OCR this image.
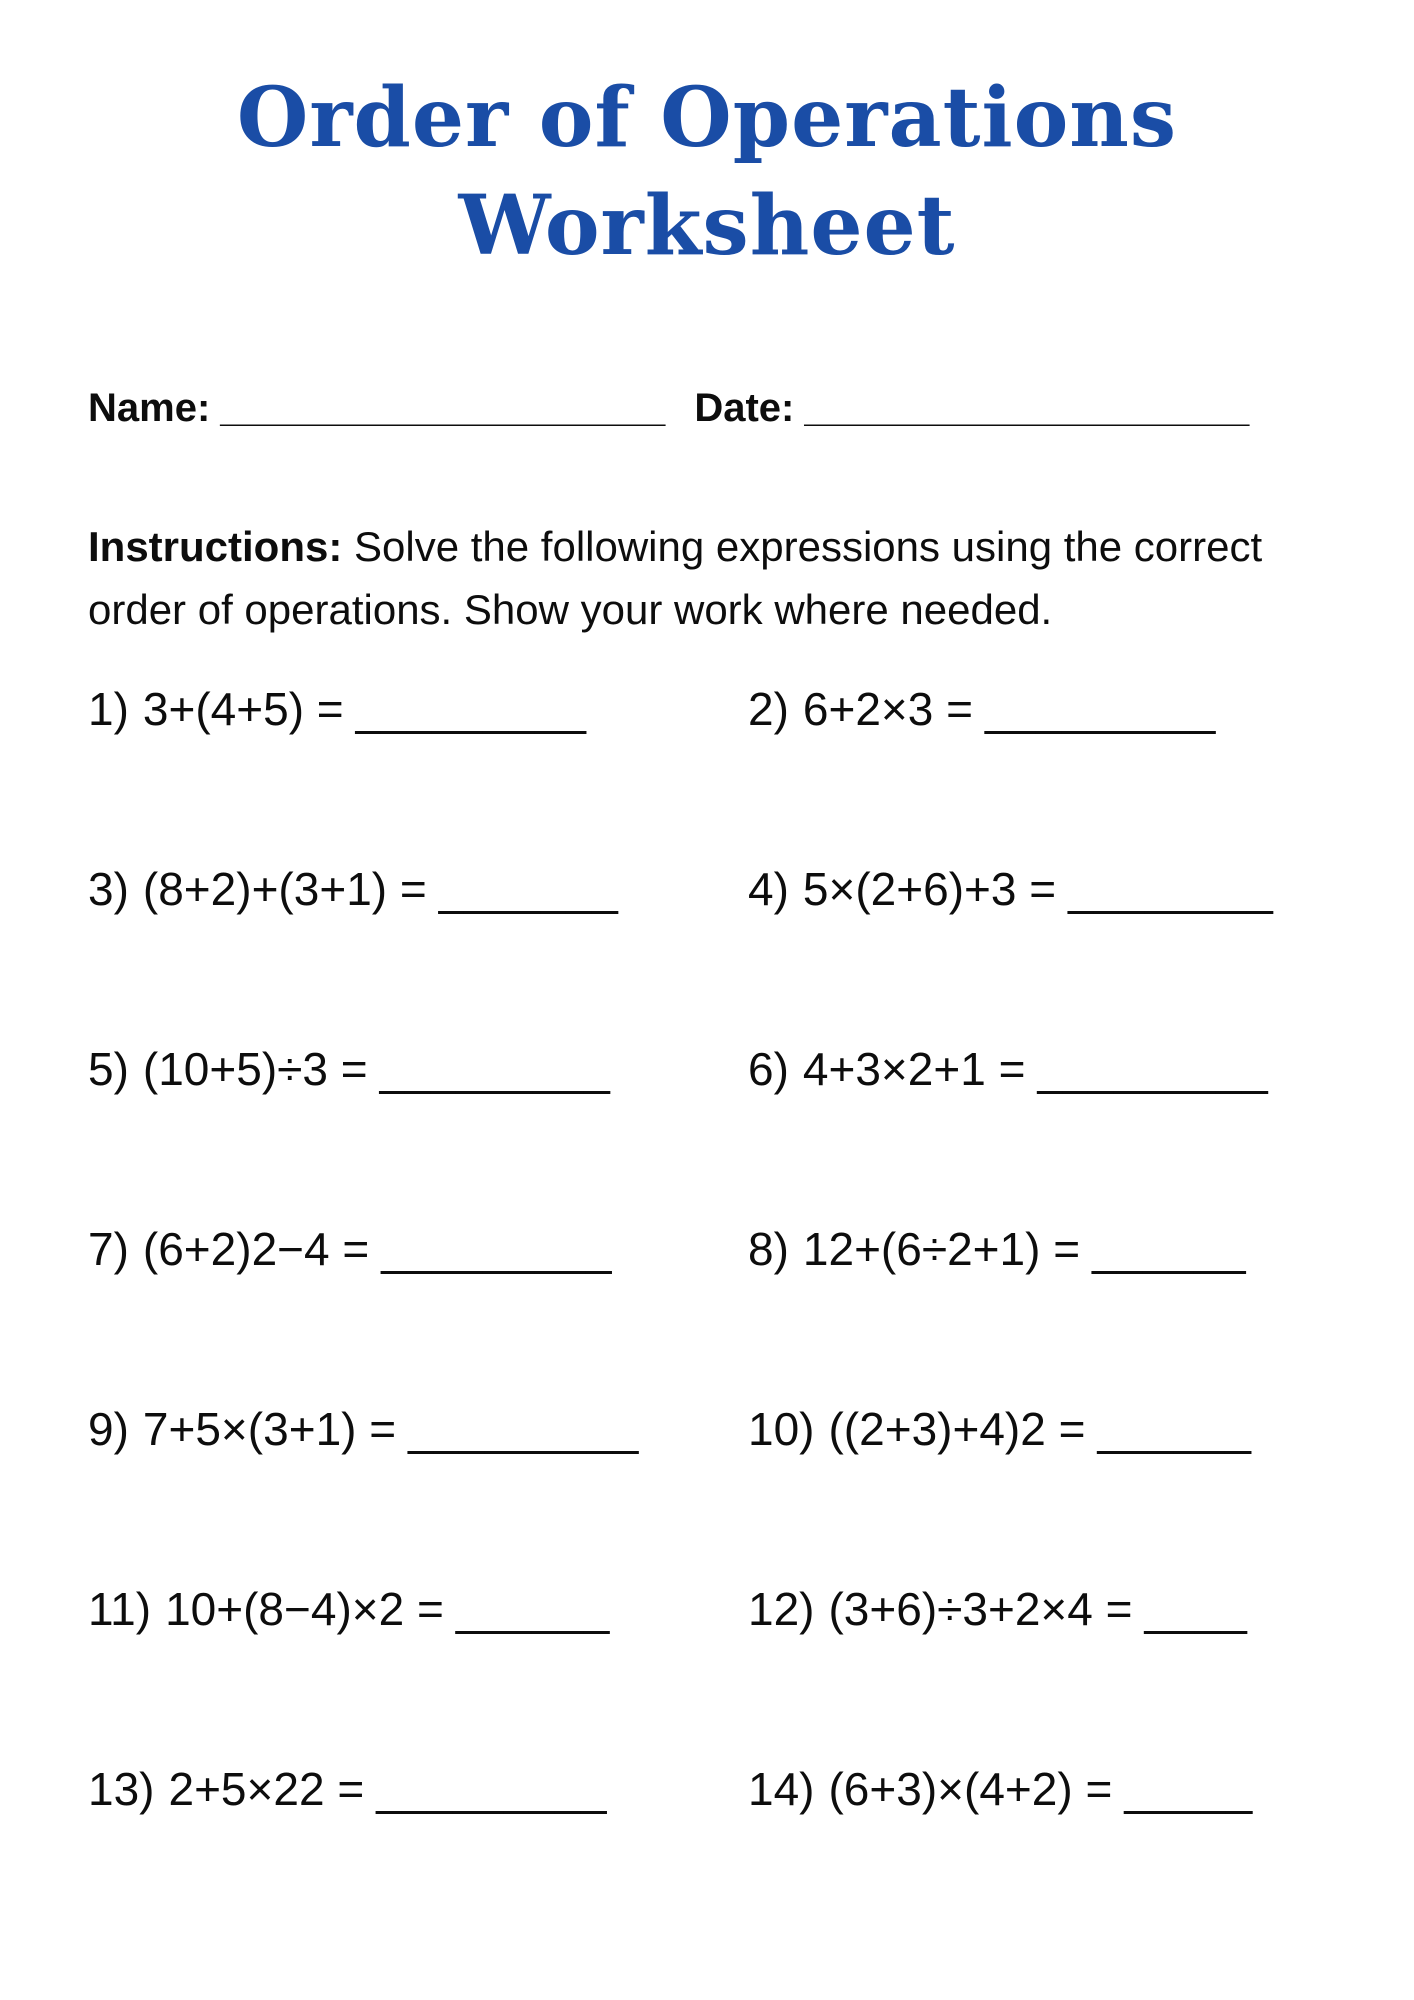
Order of Operations
Worksheet
Name: ____________________ Date: ____________________

Instructions: Solve the following expressions using the correct order of operations. Show your work where needed.

1) 3+(4+5) = _________	2) 6+2×3 = _________
3) (8+2)+(3+1) = _______	4) 5×(2+6)+3 = ________
5) (10+5)÷3 = _________	6) 4+3×2+1 = _________
7) (6+2)2−4 = _________	8) 12+(6÷2+1) = ______
9) 7+5×(3+1) = _________	10) ((2+3)+4)2 = ______
11) 10+(8−4)×2 = ______	12) (3+6)÷3+2×4 = ____
13) 2+5×22 = _________	14) (6+3)×(4+2) = _____
